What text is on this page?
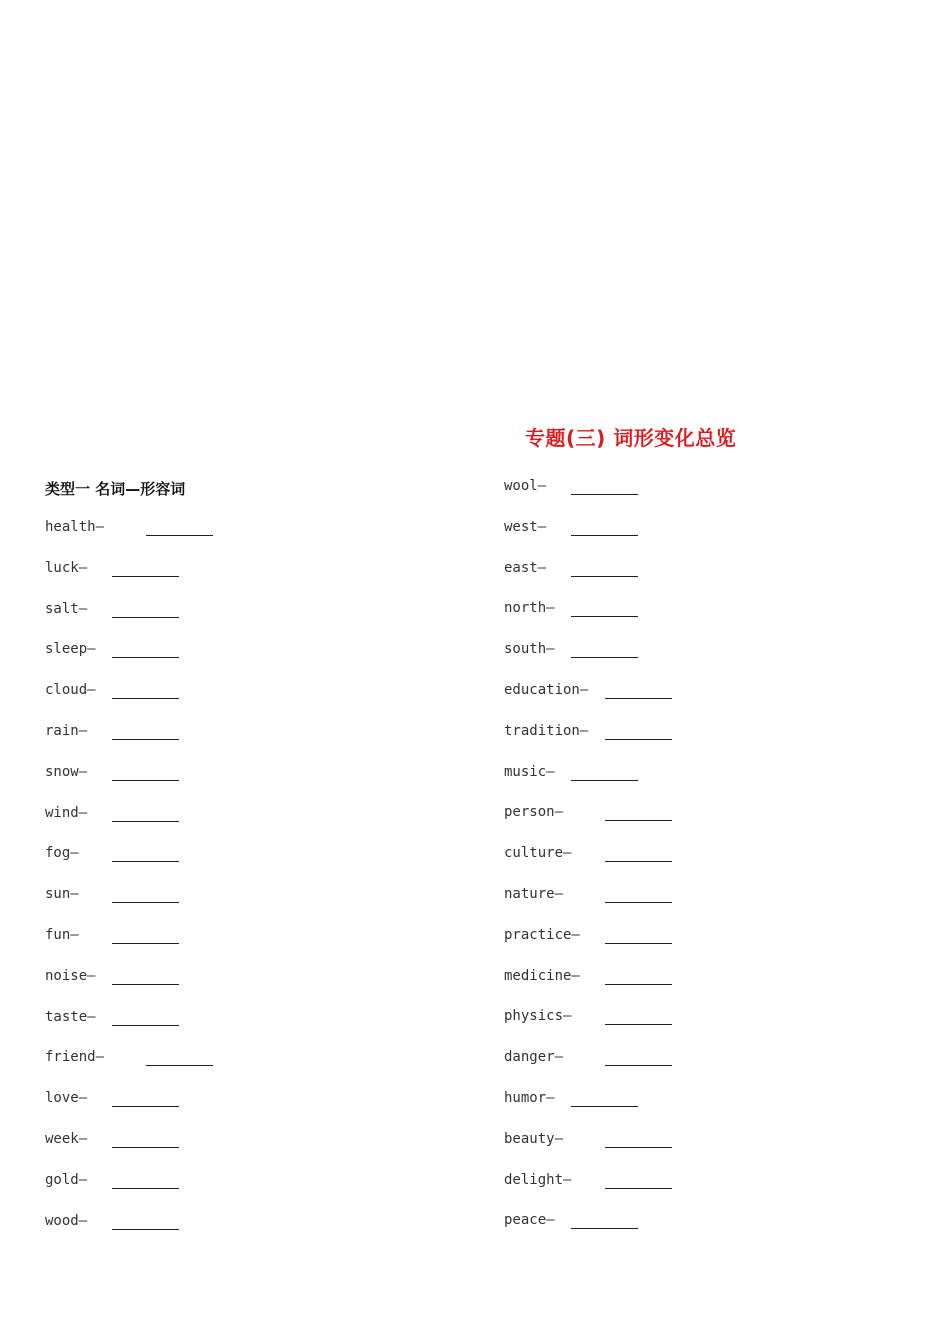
专题(三) 词形变化总览
类型一 名词—形容词
health—
luck—
salt—
sleep—
cloud—
rain—
snow—
wind—
fog—
sun—
fun—
noise—
taste—
friend—
love—
week—
gold—
wood—
wool—
west—
east—
north—
south—
education—
tradition—
music—
person—
culture—
nature—
practice—
medicine—
physics—
danger—
humor—
beauty—
delight—
peace—
